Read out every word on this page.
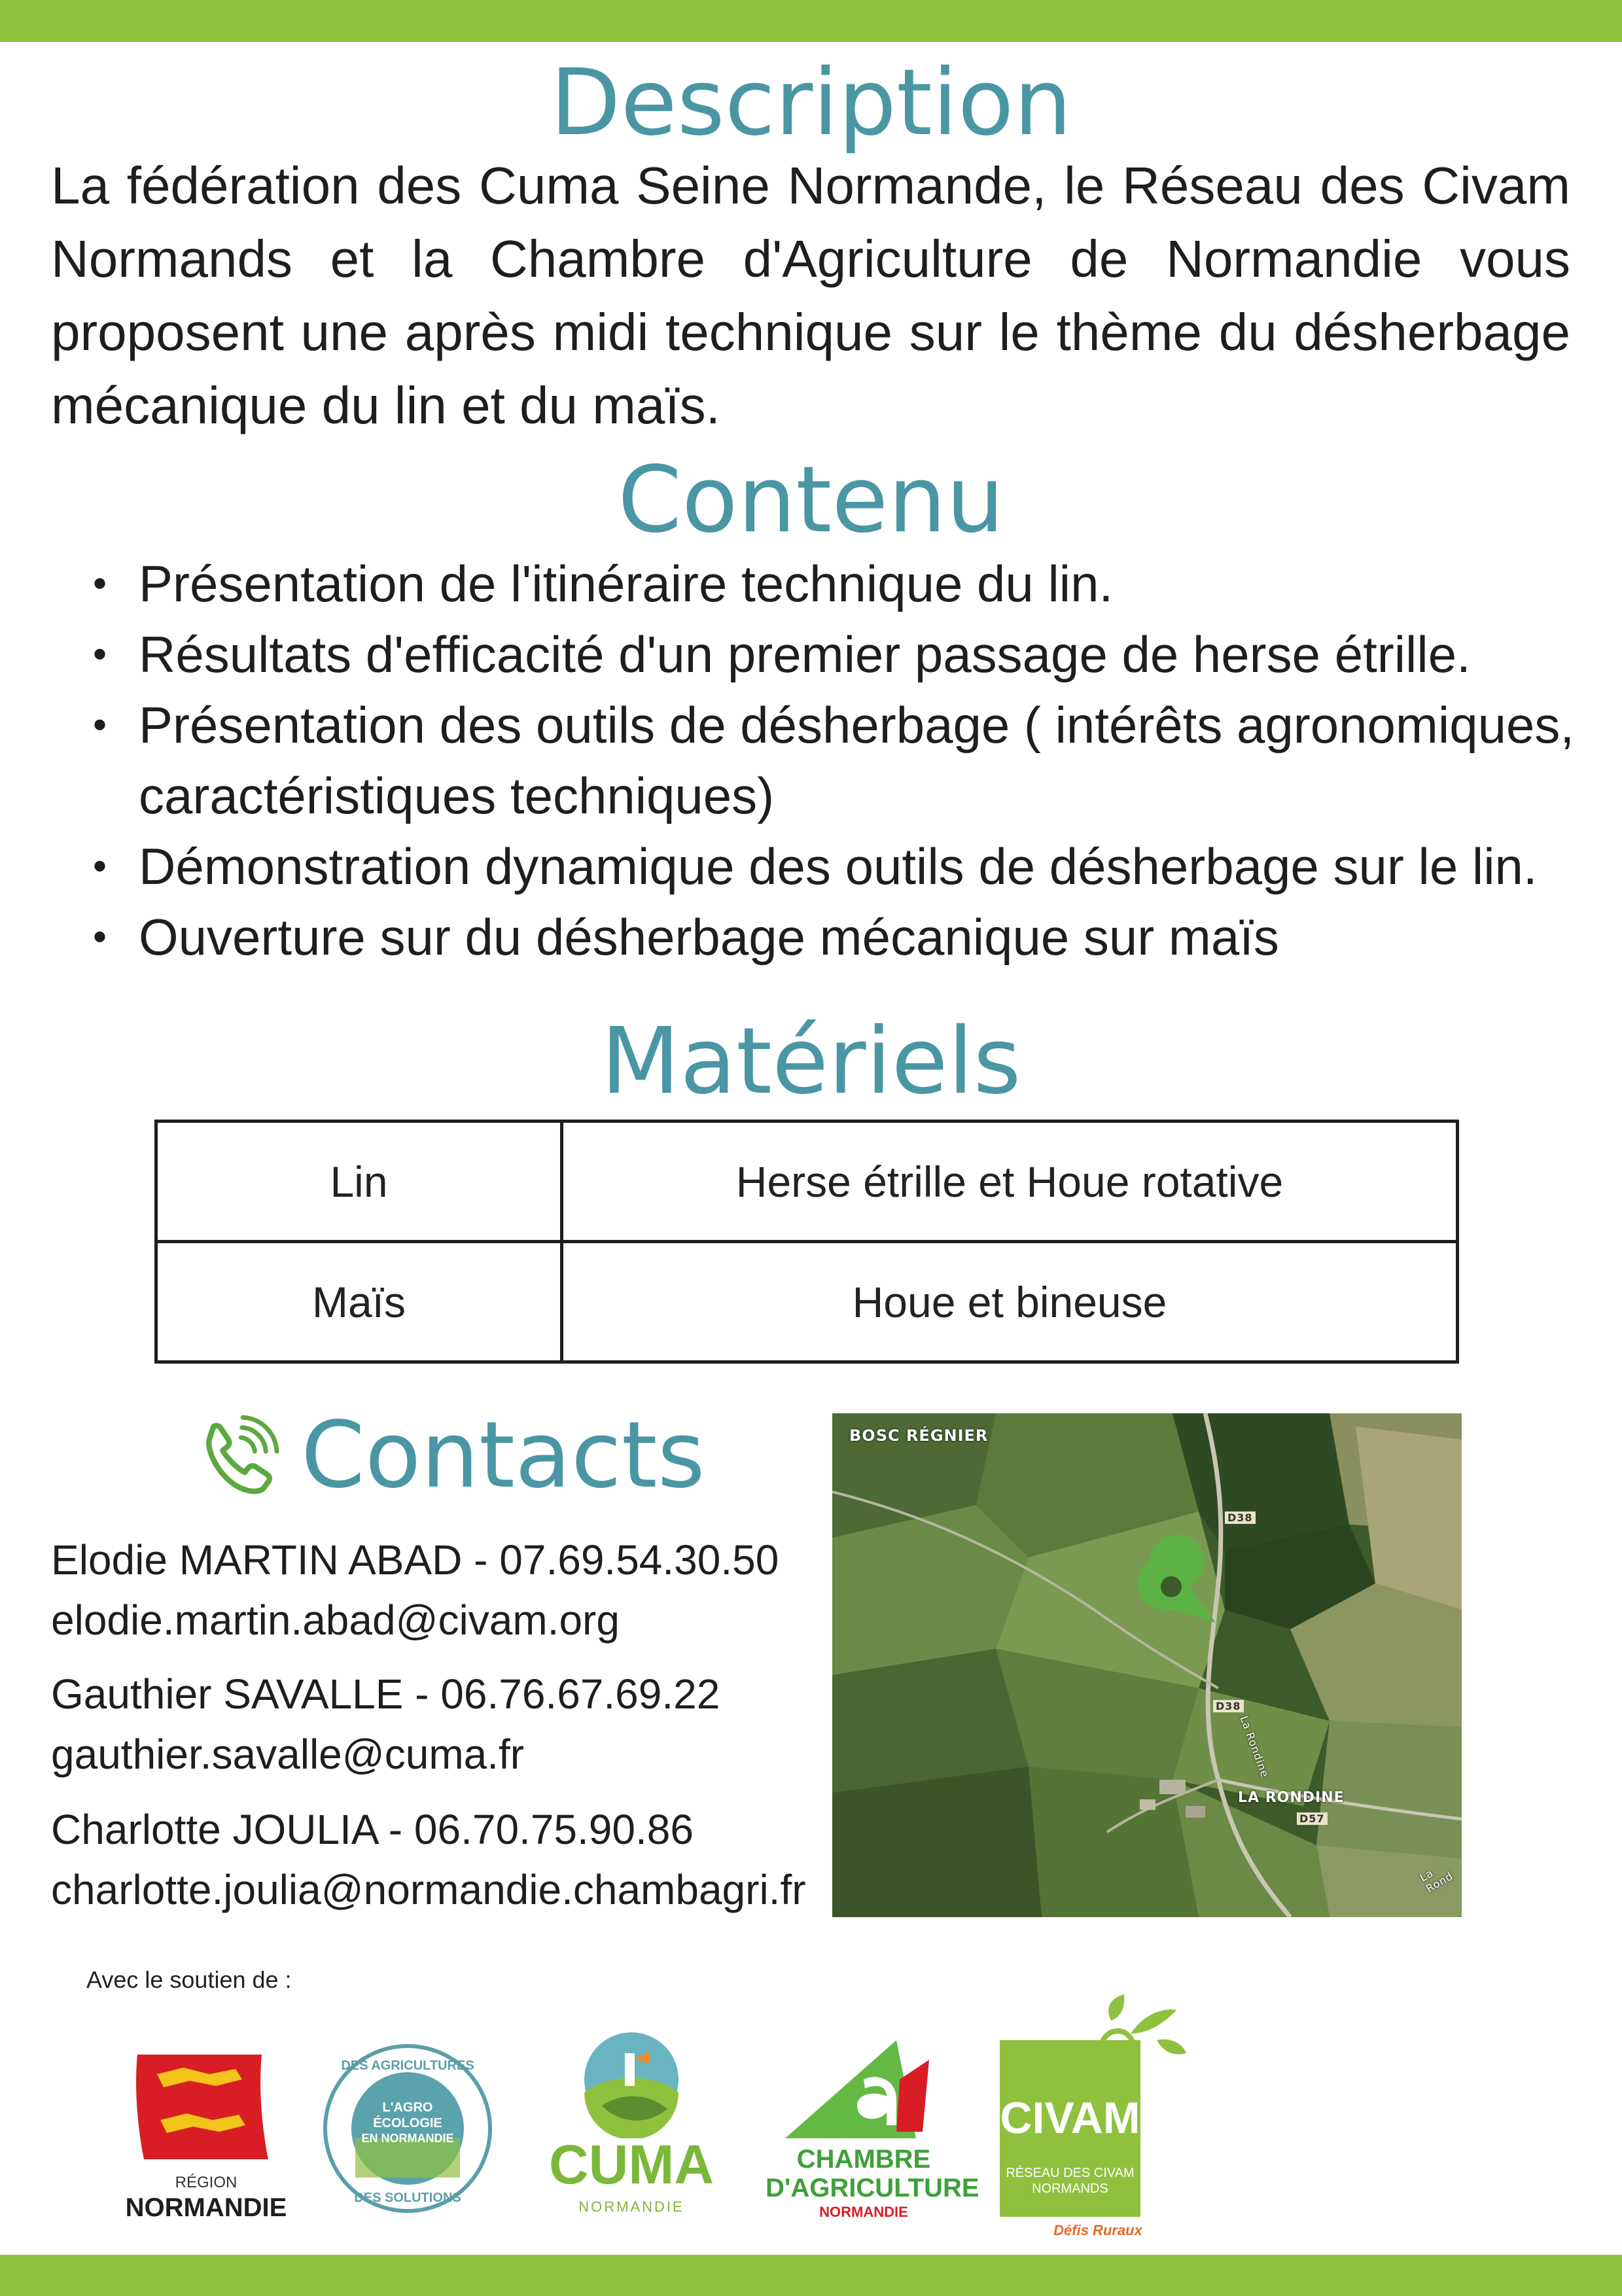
Description

La fédération des Cuma Seine Normande, le Réseau des Civam Normands et la Chambre d'Agriculture de Normandie vous proposent une après midi technique sur le thème du désherbage mécanique du lin et du maïs.

Contenu
• Présentation de l'itinéraire technique du lin.
• Résultats d'efficacité d'un premier passage de herse étrille.
• Présentation des outils de désherbage ( intérêts agronomiques, caractéristiques techniques)
• Démonstration dynamique des outils de désherbage sur le lin.
• Ouverture sur du désherbage mécanique sur maïs
Matériels
Lin	Herse étrille et Houe rotative
Maïs	Houe et bineuse
Contacts
Elodie MARTIN ABAD - 07.69.54.30.50
elodie.martin.abad@civam.org
Gauthier SAVALLE - 06.76.67.69.22
gauthier.savalle@cuma.fr
Charlotte JOULIA - 06.70.75.90.86
charlotte.joulia@normandie.chambagri.fr
BOSC RÉGNIER
LA RONDINE
D38
D38
D57
La Rondine
La Rond
Avec le soutien de :
RÉGION
NORMANDIE
DES AGRICULTURES
L'AGRO
ÉCOLOGIE
EN NORMANDIE
DES SOLUTIONS
CUMA
NORMANDIE
CHAMBRE
D'AGRICULTURE
NORMANDIE
CIVAM
RÉSEAU DES CIVAM
NORMANDS
Défis Ruraux
